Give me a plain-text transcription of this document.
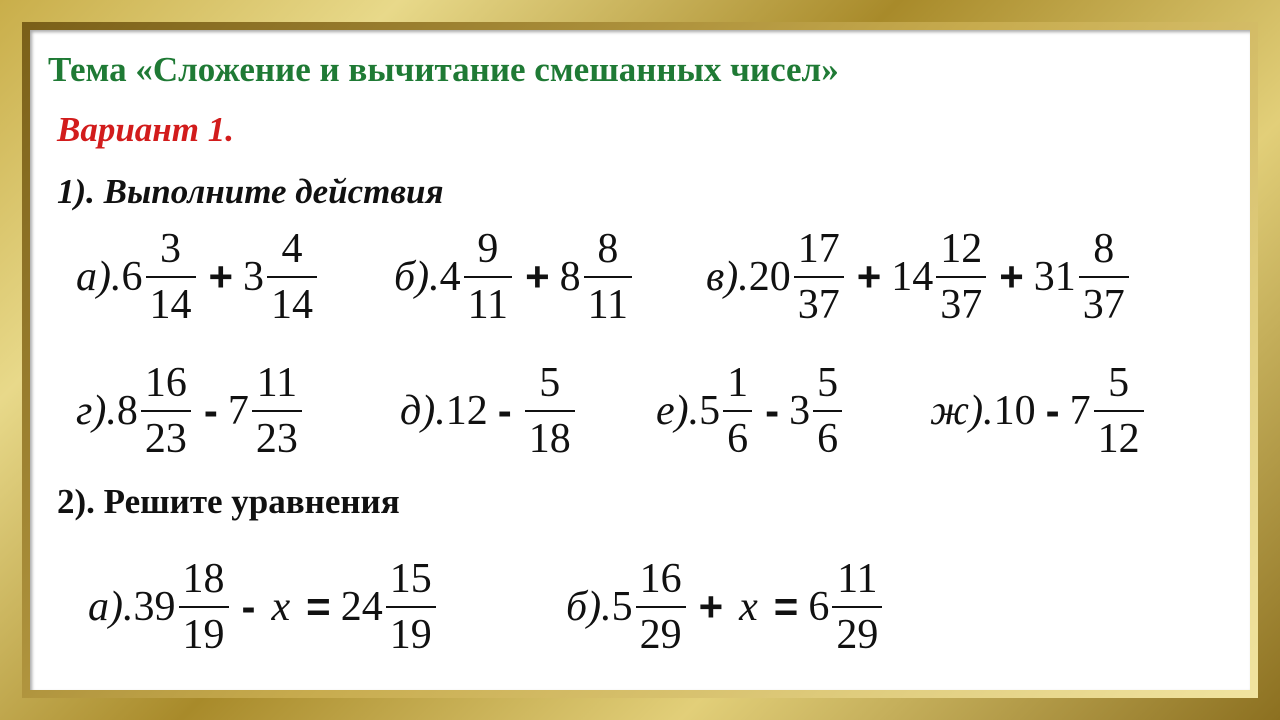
Тема «Сложение и вычитание смешанных чисел»
Вариант 1.
1). Выполните действия
а). $6 \frac{3}{14} + 3 \frac{4}{14} б$). $4 \frac{9}{11} + 8 \frac{8}{11} в$). $20 \frac{17}{37} + 14 \frac{12}{37} + 31 \frac{8}{37}$
г). $8 \frac{16}{23} - 7 \frac{11}{23} д$). $12 - \frac{5}{18} е$). $5 \frac{1}{6} - 3 \frac{5}{6} ж$). $10 - 7 \frac{5}{12}$
2). Решите уравнения
а). $39 \frac{18}{19} - x = 24 \frac{15}{19}$	б). $5 \frac{16}{29} + x = 6 \frac{11}{29}$
